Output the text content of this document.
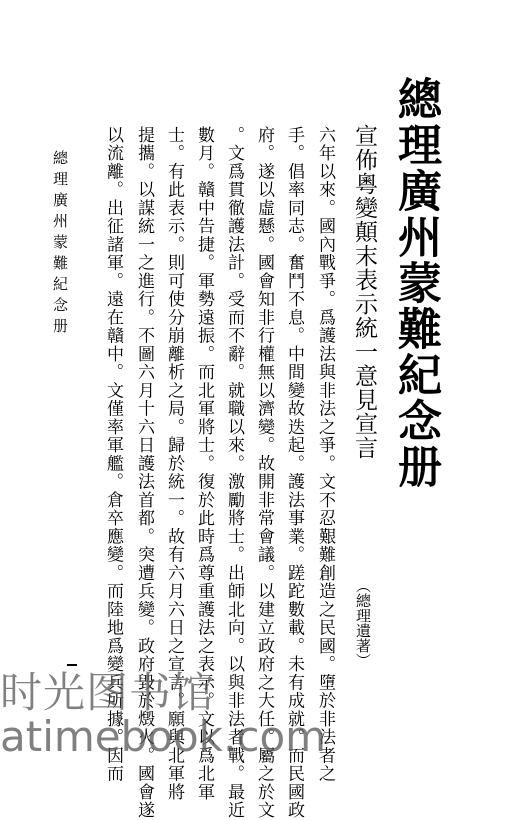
總理廣州蒙難紀念册
宣佈粵變顛末表示統一意見宣言
（總理遺著）
六年以來。國內戰爭。爲護法與非法之爭。文不忍艱難創造之民國。墮於非法者之
手。倡率同志。奮鬥不息。中間變故迭起。護法事業。蹉跎數載。未有成就。而民國政
府。遂以虛懸。國會知非行權無以濟變。故開非常會議。以建立政府之大任。屬之於文
。文爲貫徹護法計。受而不辭。就職以來。激勵將士。出師北向。以與非法者戰。最近
數月。贛中告捷。軍勢遠振。而北軍將士。復於此時爲尊重護法之表示。文以爲北軍
士。有此表示。則可使分崩離析之局。歸於統一。故有六月六日之宣言。願與北軍將
提攜。以謀統一之進行。不圖六月十六日護法首都。突遭兵變。政府毀於燬火。國會遂
以流離。出征諸軍。遠在贛中。文僅率軍艦。倉卒應變。而陸地爲變兵所據。因而
總理廣州蒙難紀念册
时光图书馆
atimebook.com
